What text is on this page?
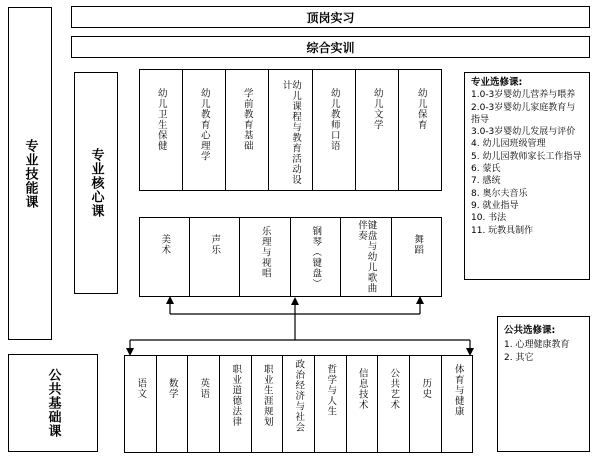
顶岗实习
综合实训
专业技能课	专业核心课
公共基础课
幼儿卫生保健	幼儿教育心理学	学前教育基础	幼儿课程与教育活动设计
幼儿教师口语	幼儿文学	幼儿保育
美术	声乐	乐理与视唱	钢琴（键盘）	键盘与幼儿歌曲伴奏
舞蹈
语文 数学 英语 职业道德法律 职业生涯规划 政治经济与社会 哲学与人生 信息技术 公共艺术 历史 体育与健康
专业选修课:
1.0-3岁婴幼儿营养与喂养
2.0-3岁婴幼儿家庭教育与指导
3.0-3岁婴幼儿发展与评价
4. 幼儿园班级管理
5. 幼儿园教师家长工作指导
6. 蒙氏
7. 感统
8. 奥尔夫音乐
9. 就业指导
10. 书法
11. 玩教具制作
公共选修课:
1. 心理健康教育
2. 其它
